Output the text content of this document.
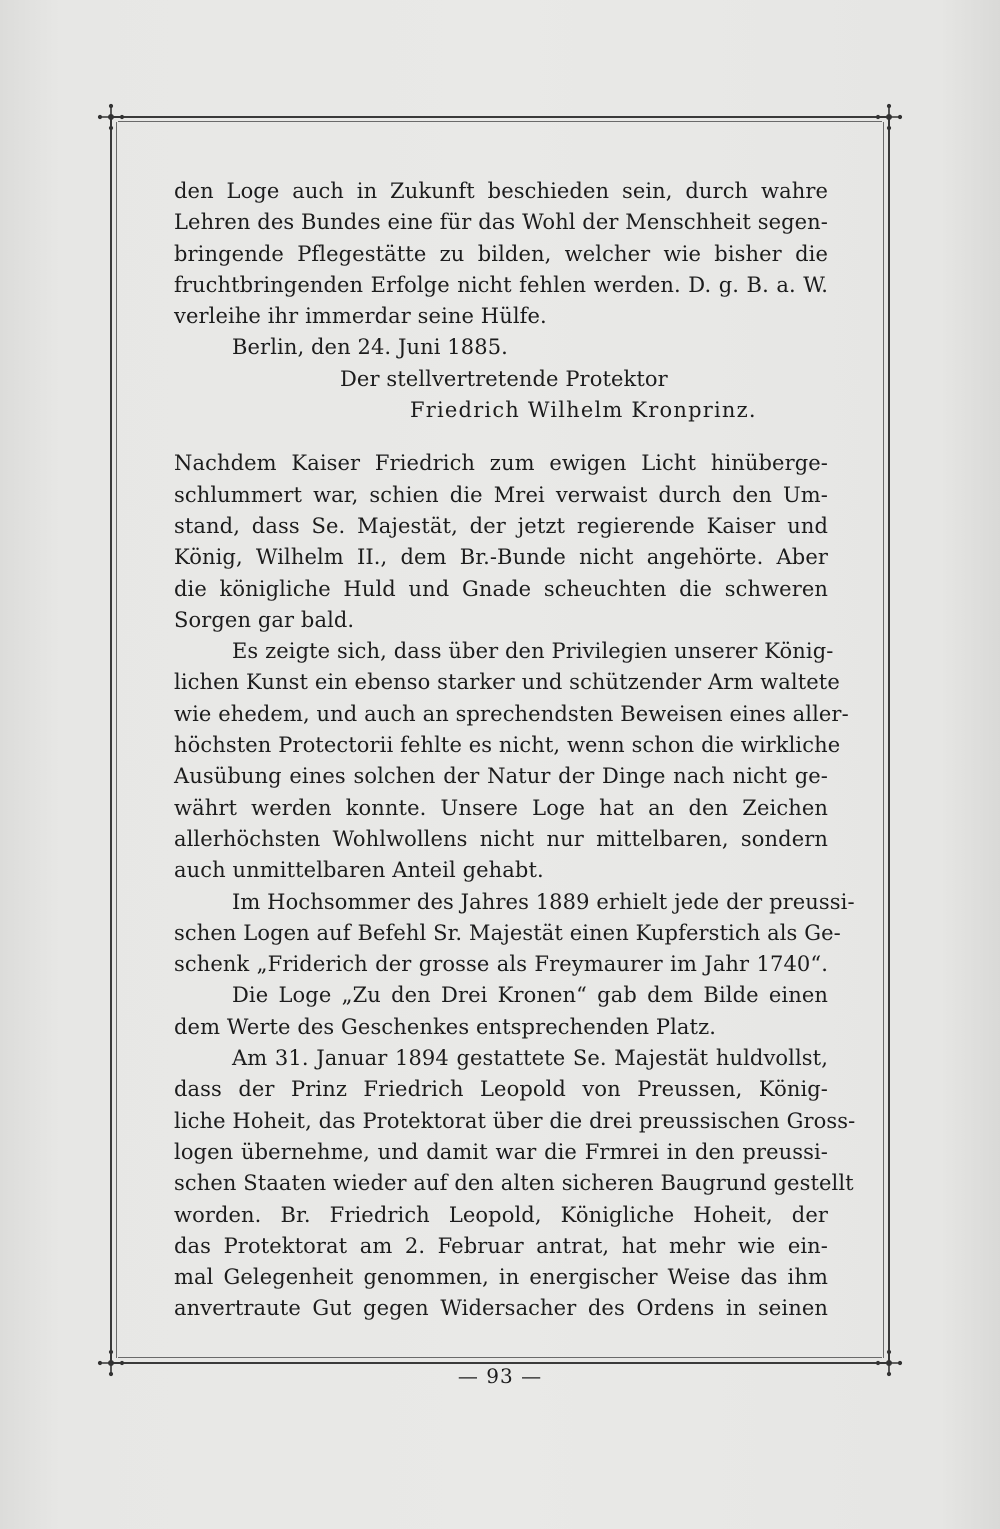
den Loge auch in Zukunft beschieden sein, durch wahre
Lehren des Bundes eine für das Wohl der Menschheit segen-
bringende Pflegestätte zu bilden, welcher wie bisher die
fruchtbringenden Erfolge nicht fehlen werden. D. g. B. a. W.
verleihe ihr immerdar seine Hülfe.
Berlin, den 24. Juni 1885.
Der stellvertretende Protektor
Friedrich Wilhelm Kronprinz.
Nachdem Kaiser Friedrich zum ewigen Licht hinüberge-
schlummert war, schien die Mrei verwaist durch den Um-
stand, dass Se. Majestät, der jetzt regierende Kaiser und
König, Wilhelm II., dem Br.-Bunde nicht angehörte. Aber
die königliche Huld und Gnade scheuchten die schweren
Sorgen gar bald.
Es zeigte sich, dass über den Privilegien unserer König-
lichen Kunst ein ebenso starker und schützender Arm waltete
wie ehedem, und auch an sprechendsten Beweisen eines aller-
höchsten Protectorii fehlte es nicht, wenn schon die wirkliche
Ausübung eines solchen der Natur der Dinge nach nicht ge-
währt werden konnte. Unsere Loge hat an den Zeichen
allerhöchsten Wohlwollens nicht nur mittelbaren, sondern
auch unmittelbaren Anteil gehabt.
Im Hochsommer des Jahres 1889 erhielt jede der preussi-
schen Logen auf Befehl Sr. Majestät einen Kupferstich als Ge-
schenk „Friderich der grosse als Freymaurer im Jahr 1740“.
Die Loge „Zu den Drei Kronen“ gab dem Bilde einen
dem Werte des Geschenkes entsprechenden Platz.
Am 31. Januar 1894 gestattete Se. Majestät huldvollst,
dass der Prinz Friedrich Leopold von Preussen, König-
liche Hoheit, das Protektorat über die drei preussischen Gross-
logen übernehme, und damit war die Frmrei in den preussi-
schen Staaten wieder auf den alten sicheren Baugrund gestellt
worden. Br. Friedrich Leopold, Königliche Hoheit, der
das Protektorat am 2. Februar antrat, hat mehr wie ein-
mal Gelegenheit genommen, in energischer Weise das ihm
anvertraute Gut gegen Widersacher des Ordens in seinen
— 93 —
